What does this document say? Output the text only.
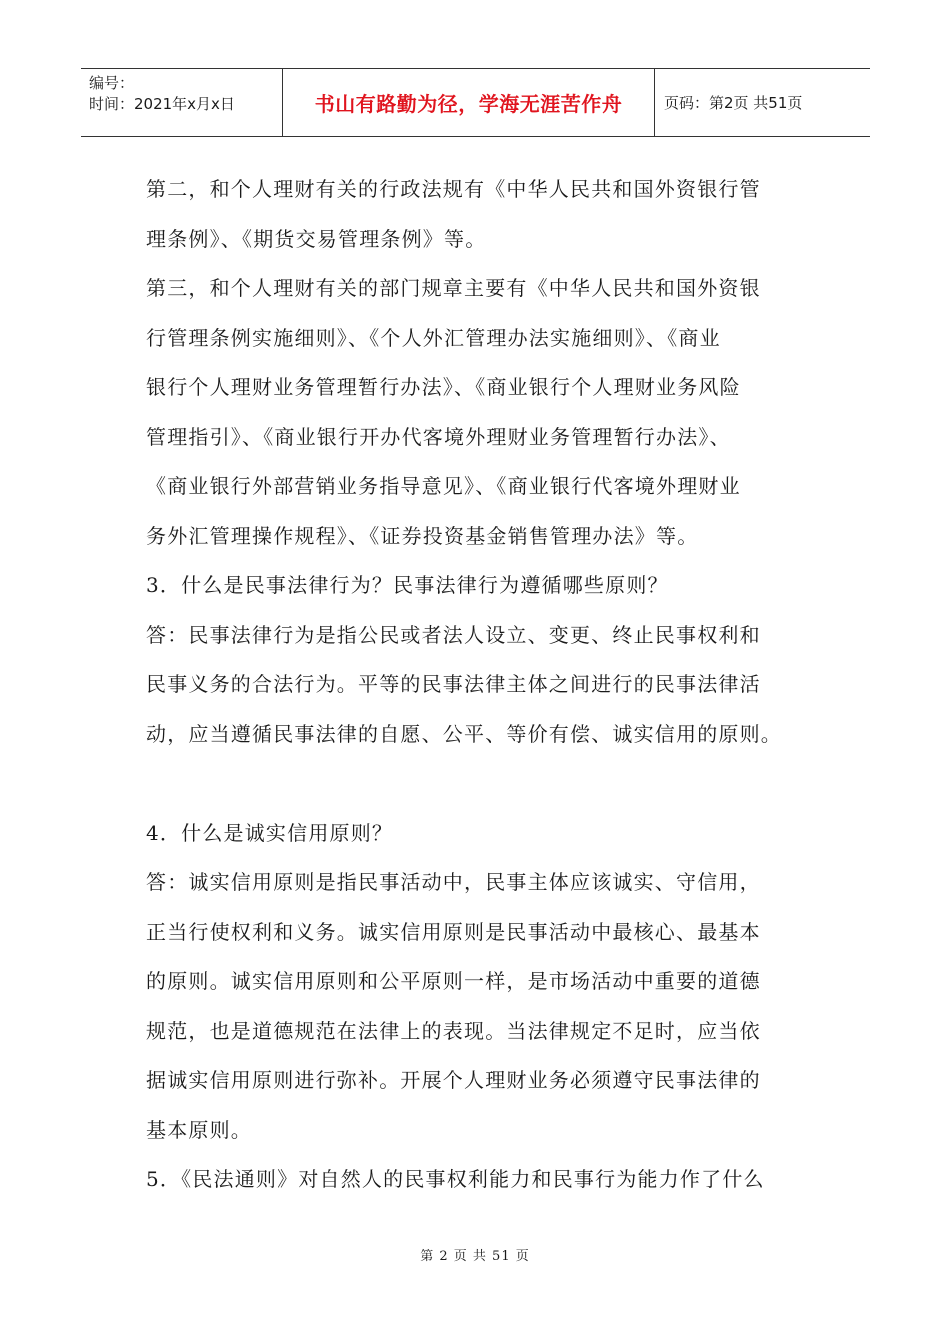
编号：
时间：2021年x月x日	书山有路勤为径，学海无涯苦作舟	页码：第2页 共51页

第二，和个人理财有关的行政法规有《中华人民共和国外资银行管

理条例》、《期货交易管理条例》等。

第三，和个人理财有关的部门规章主要有《中华人民共和国外资银

行管理条例实施细则》、《个人外汇管理办法实施细则》、《商业

银行个人理财业务管理暂行办法》、《商业银行个人理财业务风险

管理指引》、《商业银行开办代客境外理财业务管理暂行办法》、

《商业银行外部营销业务指导意见》、《商业银行代客境外理财业

务外汇管理操作规程》、《证券投资基金销售管理办法》等。

3．什么是民事法律行为？民事法律行为遵循哪些原则？

答：民事法律行为是指公民或者法人设立、变更、终止民事权利和

民事义务的合法行为。平等的民事法律主体之间进行的民事法律活

动，应当遵循民事法律的自愿、公平、等价有偿、诚实信用的原则。

4．什么是诚实信用原则？

答：诚实信用原则是指民事活动中，民事主体应该诚实、守信用，

正当行使权利和义务。诚实信用原则是民事活动中最核心、最基本

的原则。诚实信用原则和公平原则一样，是市场活动中重要的道德

规范，也是道德规范在法律上的表现。当法律规定不足时，应当依

据诚实信用原则进行弥补。开展个人理财业务必须遵守民事法律的

基本原则。

5．《民法通则》对自然人的民事权利能力和民事行为能力作了什么

第 2 页 共 51 页
